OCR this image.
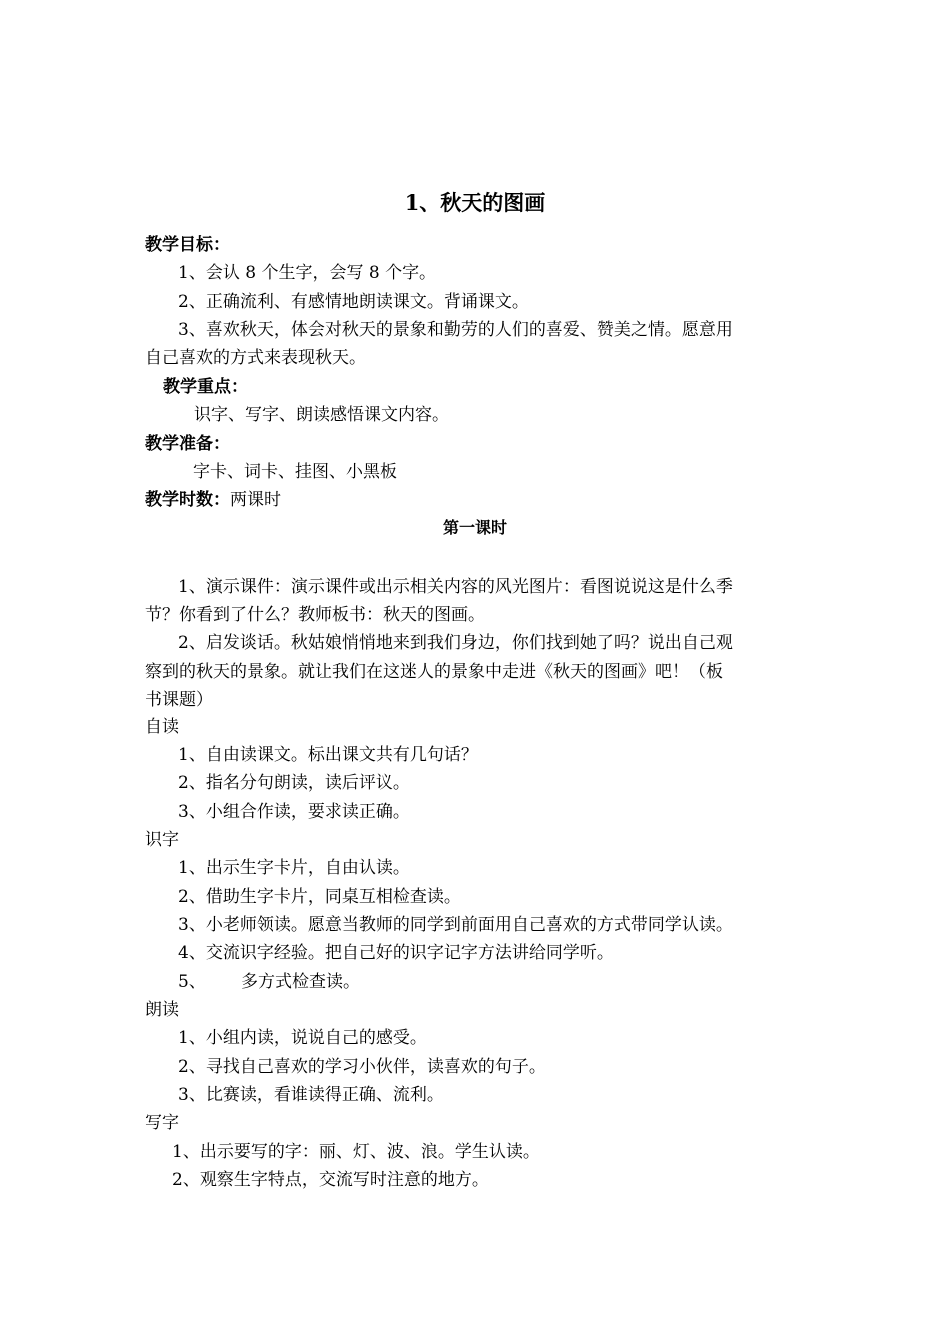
1、秋天的图画
教学目标：
1、会认 8 个生字，会写 8 个字。
2、正确流利、有感情地朗读课文。背诵课文。
3、喜欢秋天，体会对秋天的景象和勤劳的人们的喜爱、赞美之情。愿意用
自己喜欢的方式来表现秋天。
教学重点：
识字、写字、朗读感悟课文内容。
教学准备：
字卡、词卡、挂图、小黑板
教学时数：两课时
第一课时
1、演示课件：演示课件或出示相关内容的风光图片：看图说说这是什么季
节？你看到了什么？教师板书：秋天的图画。
2、启发谈话。秋姑娘悄悄地来到我们身边，你们找到她了吗？说出自己观
察到的秋天的景象。就让我们在这迷人的景象中走进《秋天的图画》吧！（板
书课题）
自读
1、自由读课文。标出课文共有几句话？
2、指名分句朗读，读后评议。
3、小组合作读，要求读正确。
识字
1、出示生字卡片，自由认读。
2、借助生字卡片，同桌互相检查读。
3、小老师领读。愿意当教师的同学到前面用自己喜欢的方式带同学认读。
4、交流识字经验。把自己好的识字记字方法讲给同学听。
5、 多方式检查读。
朗读
1、小组内读，说说自己的感受。
2、寻找自己喜欢的学习小伙伴，读喜欢的句子。
3、比赛读，看谁读得正确、流利。
写字
1、出示要写的字：丽、灯、波、浪。学生认读。
2、观察生字特点，交流写时注意的地方。
